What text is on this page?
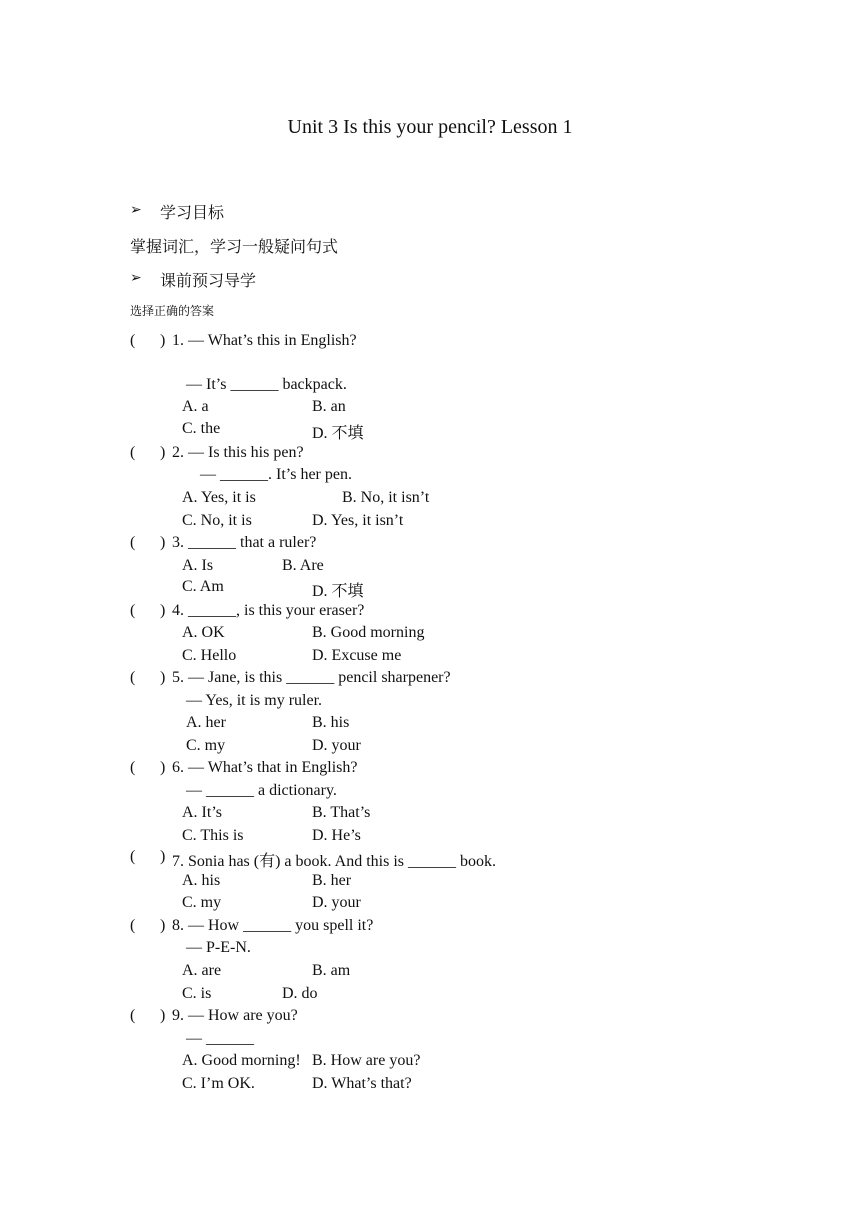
Unit 3 Is this your pencil? Lesson 1
➢ 学习目标
掌握词汇，学习一般疑问句式
➢ 课前预习导学
选择正确的答案
( ) 1. — What’s this in English?
— It’s ______ backpack.
A. a	B. an
C. the	D. 不填
( ) 2. — Is this his pen?
— ______. It’s her pen.
A. Yes, it is	B. No, it isn’t
C. No, it is	D. Yes, it isn’t
( ) 3. ______ that a ruler?
A. Is	B. Are
C. Am	D. 不填
( ) 4. ______, is this your eraser?
A. OK	B. Good morning
C. Hello	D. Excuse me
( ) 5. — Jane, is this ______ pencil sharpener?
— Yes, it is my ruler.
A. her	B. his
C. my	D. your
( ) 6. — What’s that in English?
— ______ a dictionary.
A. It’s	B. That’s
C. This is	D. He’s
( ) 7. Sonia has (有) a book. And this is ______ book.
A. his	B. her
C. my	D. your
( ) 8. — How ______ you spell it?
— P-E-N.
A. are	B. am
C. is	D. do
( ) 9. — How are you?
— ______
A. Good morning! B. How are you?
C. I’m OK.	D. What’s that?
